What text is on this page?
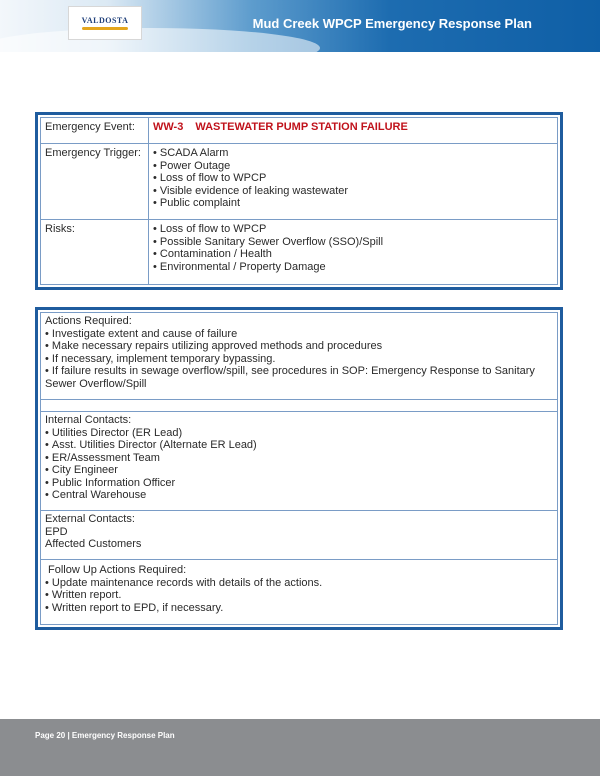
VALDOSTA	Mud Creek WPCP Emergency Response Plan
Emergency Event:	WW-3 WASTEWATER PUMP STATION FAILURE
Emergency Trigger:	• SCADA Alarm
• Power Outage
• Loss of flow to WPCP
• Visible evidence of leaking wastewater
• Public complaint
Risks:	• Loss of flow to WPCP
• Possible Sanitary Sewer Overflow (SSO)/Spill
• Contamination / Health
• Environmental / Property Damage
Actions Required:
• Investigate extent and cause of failure
• Make necessary repairs utilizing approved methods and procedures
• If necessary, implement temporary bypassing.
• If failure results in sewage overflow/spill, see procedures in SOP: Emergency Response to Sanitary Sewer Overflow/Spill
Internal Contacts:
• Utilities Director (ER Lead)
• Asst. Utilities Director (Alternate ER Lead)
• ER/Assessment Team
• City Engineer
• Public Information Officer
• Central Warehouse
External Contacts:
EPD
Affected Customers
Follow Up Actions Required:
• Update maintenance records with details of the actions.
• Written report.
• Written report to EPD, if necessary.
Page 20 | Emergency Response Plan
